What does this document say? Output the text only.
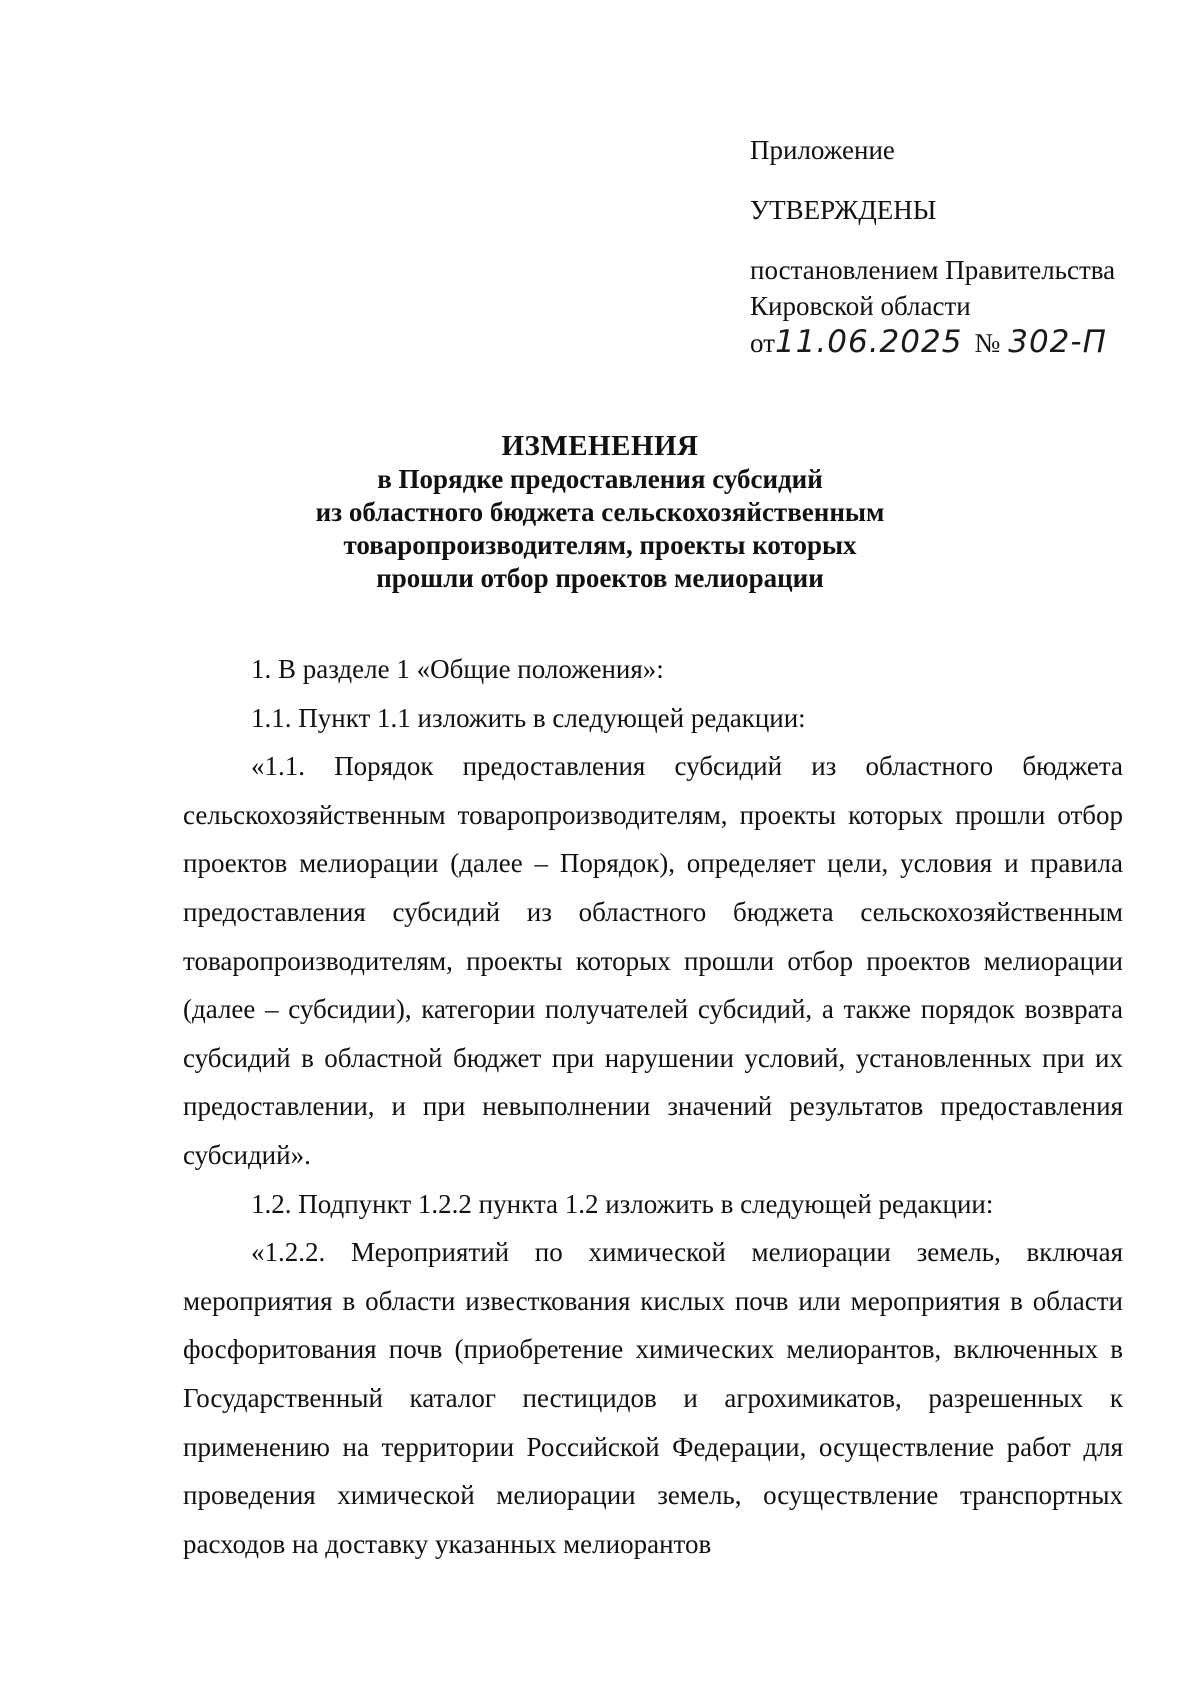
Приложение

УТВЕРЖДЕНЫ

постановлением Правительства

Кировской области

от11.06.2025 № 302-П

ИЗМЕНЕНИЯ
в Порядке предоставления субсидий
из областного бюджета сельскохозяйственным
товаропроизводителям, проекты которых
прошли отбор проектов мелиорации

1. В разделе 1 «Общие положения»:

1.1. Пункт 1.1 изложить в следующей редакции:

«1.1. Порядок предоставления субсидий из областного бюджета сельскохозяйственным товаропроизводителям, проекты которых прошли отбор проектов мелиорации (далее – Порядок), определяет цели, условия и правила предоставления субсидий из областного бюджета сельскохозяйственным товаропроизводителям, проекты которых прошли отбор проектов мелиорации (далее – субсидии), категории получателей субсидий, а также порядок возврата субсидий в областной бюджет при нарушении условий, установленных при их предоставлении, и при невыполнении значений результатов предоставления субсидий».

1.2. Подпункт 1.2.2 пункта 1.2 изложить в следующей редакции:

«1.2.2. Мероприятий по химической мелиорации земель, включая мероприятия в области известкования кислых почв или мероприятия в области фосфоритования почв (приобретение химических мелиорантов, включенных в Государственный каталог пестицидов и агрохимикатов, разрешенных к применению на территории Российской Федерации, осуществление работ для проведения химической мелиорации земель, осуществление транспортных расходов на доставку указанных мелиорантов
